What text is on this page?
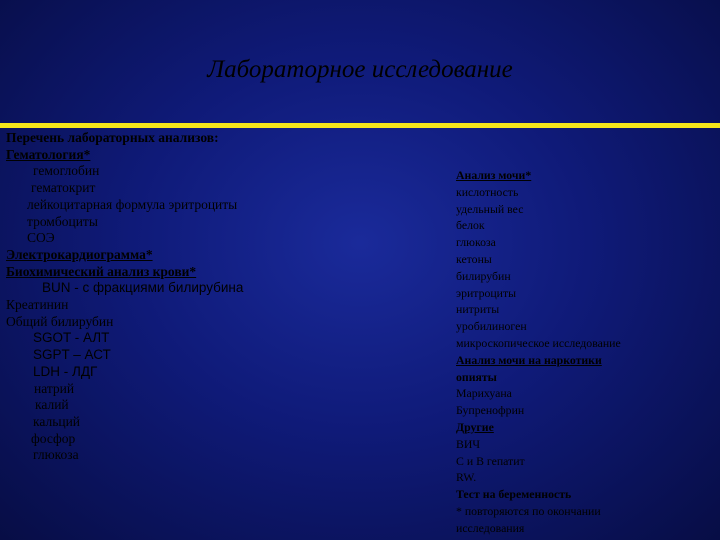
Лабораторное исследование
Перечень лабораторных анализов:
Гематология*
гемоглобин
гематокрит
лейкоцитарная формула эритроциты
тромбоциты
СОЭ
Электрокардиограмма*
Биохимический анализ крови*
BUN - с фракциями билирубина
Креатинин
Общий билирубин
SGOT - АЛТ
SGPT – АСТ
LDH - ЛДГ
натрий
калий
кальций
фосфор
глюкоза
Анализ мочи*
кислотность
удельный вес
белок
глюкоза
кетоны
билирубин
эритроциты
нитриты
уробилиноген
микроскопическое исследование
Анализ мочи на наркотики
опияты
Марихуана
Бупренофрин
Другие
ВИЧ
С и В гепатит
RW.
Тест на беременность
* повторяются по окончании
исследования
